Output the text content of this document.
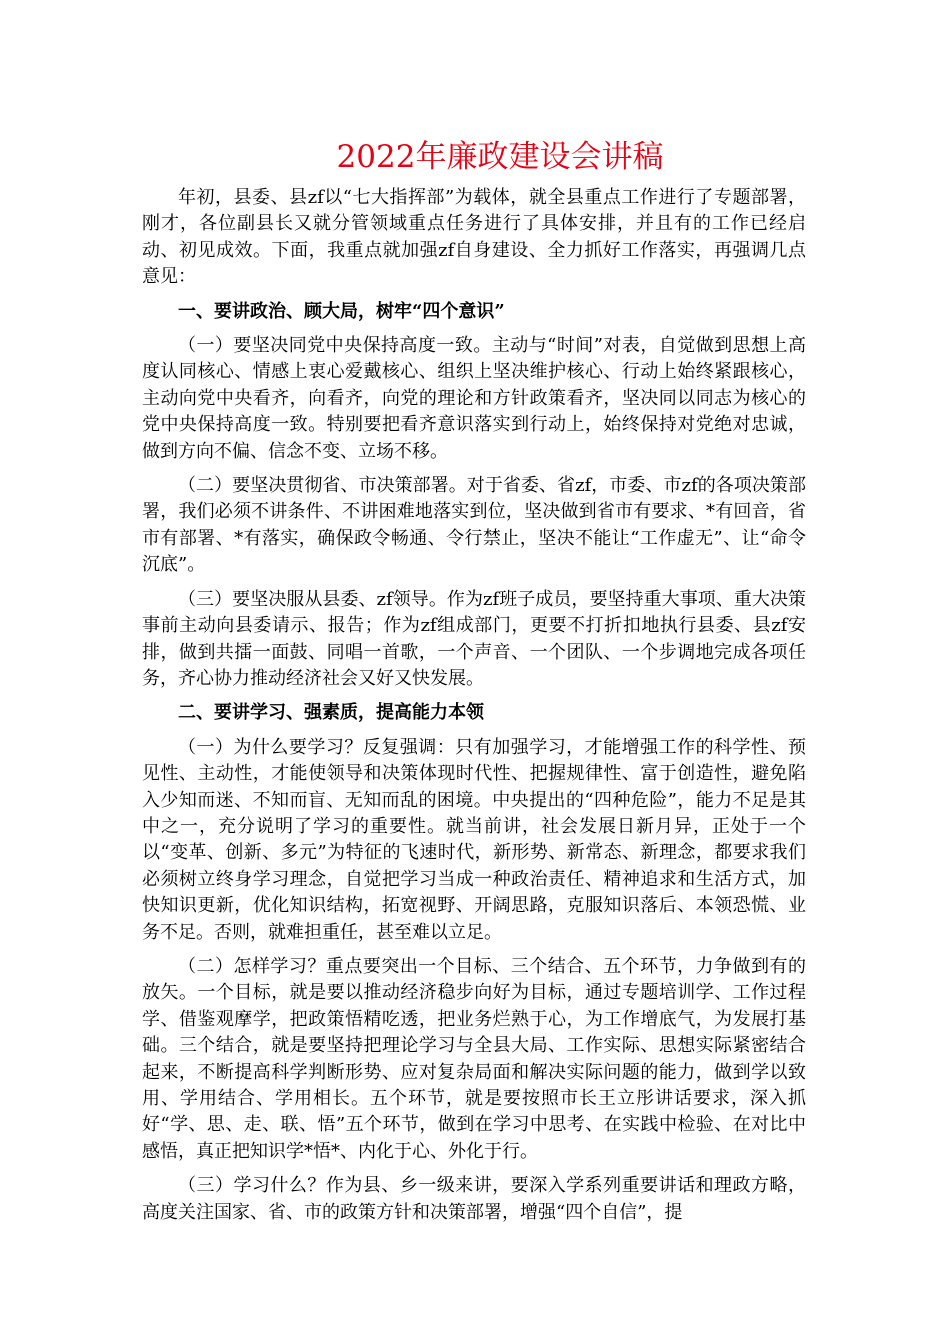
2022年廉政建设会讲稿

年初，县委、县zf以“七大指挥部”为载体，就全县重点工作进行了专题部署，刚才，各位副县长又就分管领域重点任务进行了具体安排，并且有的工作已经启动、初见成效。下面，我重点就加强zf自身建设、全力抓好工作落实，再强调几点意见：

一、要讲政治、顾大局，树牢“四个意识”

（一）要坚决同党中央保持高度一致。主动与“时间”对表，自觉做到思想上高度认同核心、情感上衷心爱戴核心、组织上坚决维护核心、行动上始终紧跟核心，主动向党中央看齐，向看齐，向党的理论和方针政策看齐，坚决同以同志为核心的党中央保持高度一致。特别要把看齐意识落实到行动上，始终保持对党绝对忠诚，做到方向不偏、信念不变、立场不移。

（二）要坚决贯彻省、市决策部署。对于省委、省zf，市委、市zf的各项决策部署，我们必须不讲条件、不讲困难地落实到位，坚决做到省市有要求、*有回音，省市有部署、*有落实，确保政令畅通、令行禁止，坚决不能让“工作虚无”、让“命令沉底”。

（三）要坚决服从县委、zf领导。作为zf班子成员，要坚持重大事项、重大决策事前主动向县委请示、报告；作为zf组成部门，更要不打折扣地执行县委、县zf安排，做到共擂一面鼓、同唱一首歌，一个声音、一个团队、一个步调地完成各项任务，齐心协力推动经济社会又好又快发展。

二、要讲学习、强素质，提高能力本领

（一）为什么要学习？反复强调：只有加强学习，才能增强工作的科学性、预见性、主动性，才能使领导和决策体现时代性、把握规律性、富于创造性，避免陷入少知而迷、不知而盲、无知而乱的困境。中央提出的“四种危险”，能力不足是其中之一，充分说明了学习的重要性。就当前讲，社会发展日新月异，正处于一个以“变革、创新、多元”为特征的飞速时代，新形势、新常态、新理念，都要求我们必须树立终身学习理念，自觉把学习当成一种政治责任、精神追求和生活方式，加快知识更新，优化知识结构，拓宽视野、开阔思路，克服知识落后、本领恐慌、业务不足。否则，就难担重任，甚至难以立足。

（二）怎样学习？重点要突出一个目标、三个结合、五个环节，力争做到有的放矢。一个目标，就是要以推动经济稳步向好为目标，通过专题培训学、工作过程学、借鉴观摩学，把政策悟精吃透，把业务烂熟于心，为工作增底气，为发展打基础。三个结合，就是要坚持把理论学习与全县大局、工作实际、思想实际紧密结合起来，不断提高科学判断形势、应对复杂局面和解决实际问题的能力，做到学以致用、学用结合、学用相长。五个环节，就是要按照市长王立彤讲话要求，深入抓好“学、思、走、联、悟”五个环节，做到在学习中思考、在实践中检验、在对比中感悟，真正把知识学*悟*、内化于心、外化于行。

（三）学习什么？作为县、乡一级来讲，要深入学系列重要讲话和理政方略，高度关注国家、省、市的政策方针和决策部署，增强“四个自信”，提
